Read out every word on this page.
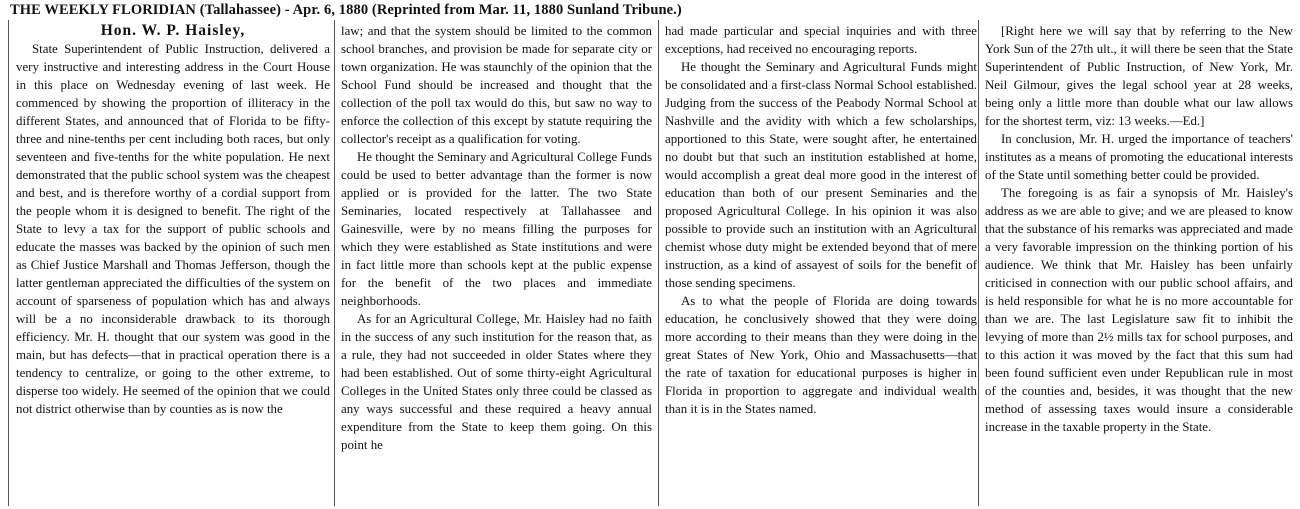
THE WEEKLY FLORIDIAN (Tallahassee) - Apr. 6, 1880 (Reprinted from Mar. 11, 1880 Sunland Tribune.)
Hon. W. P. Haisley,

State Superintendent of Public Instruction, delivered a very instructive and interesting address in the Court House in this place on Wednesday evening of last week. He commenced by showing the proportion of illiteracy in the different States, and announced that of Florida to be fifty-three and nine-tenths per cent including both races, but only seventeen and five-tenths for the white population. He next demonstrated that the public school system was the cheapest and best, and is therefore worthy of a cordial support from the people whom it is designed to benefit. The right of the State to levy a tax for the support of public schools and educate the masses was backed by the opinion of such men as Chief Justice Marshall and Thomas Jefferson, though the latter gentleman appreciated the difficulties of the system on account of sparseness of population which has and always will be a no inconsiderable drawback to its thorough efficiency. Mr. H. thought that our system was good in the main, but has defects—that in practical operation there is a tendency to centralize, or going to the other extreme, to disperse too widely. He seemed of the opinion that we could not district otherwise than by counties as is now the

law; and that the system should be limited to the common school branches, and provision be made for separate city or town organization. He was staunchly of the opinion that the School Fund should be increased and thought that the collection of the poll tax would do this, but saw no way to enforce the collection of this except by statute requiring the collector's receipt as a qualification for voting.

He thought the Seminary and Agricultural College Funds could be used to better advantage than the former is now applied or is provided for the latter. The two State Seminaries, located respectively at Tallahassee and Gainesville, were by no means filling the purposes for which they were established as State institutions and were in fact little more than schools kept at the public expense for the benefit of the two places and immediate neighborhoods.

As for an Agricultural College, Mr. Haisley had no faith in the success of any such institution for the reason that, as a rule, they had not succeeded in older States where they had been established. Out of some thirty-eight Agricultural Colleges in the United States only three could be classed as any ways successful and these required a heavy annual expenditure from the State to keep them going. On this point he

had made particular and special inquiries and with three exceptions, had received no encouraging reports.

He thought the Seminary and Agricultural Funds might be consolidated and a first-class Normal School established. Judging from the success of the Peabody Normal School at Nashville and the avidity with which a few scholarships, apportioned to this State, were sought after, he entertained no doubt but that such an institution established at home, would accomplish a great deal more good in the interest of education than both of our present Seminaries and the proposed Agricultural College. In his opinion it was also possible to provide such an institution with an Agricultural chemist whose duty might be extended beyond that of mere instruction, as a kind of assayest of soils for the benefit of those sending specimens.

As to what the people of Florida are doing towards education, he conclusively showed that they were doing more according to their means than they were doing in the great States of New York, Ohio and Massachusetts—that the rate of taxation for educational purposes is higher in Florida in proportion to aggregate and individual wealth than it is in the States named.

[Right here we will say that by referring to the New York Sun of the 27th ult., it will there be seen that the State Superintendent of Public Instruction, of New York, Mr. Neil Gilmour, gives the legal school year at 28 weeks, being only a little more than double what our law allows for the shortest term, viz: 13 weeks.—Ed.]

In conclusion, Mr. H. urged the importance of teachers' institutes as a means of promoting the educational interests of the State until something better could be provided.

The foregoing is as fair a synopsis of Mr. Haisley's address as we are able to give; and we are pleased to know that the substance of his remarks was appreciated and made a very favorable impression on the thinking portion of his audience. We think that Mr. Haisley has been unfairly criticised in connection with our public school affairs, and is held responsible for what he is no more accountable for than we are. The last Legislature saw fit to inhibit the levying of more than 2½ mills tax for school purposes, and to this action it was moved by the fact that this sum had been found sufficient even under Republican rule in most of the counties and, besides, it was thought that the new method of assessing taxes would insure a considerable increase in the taxable property in the State.
